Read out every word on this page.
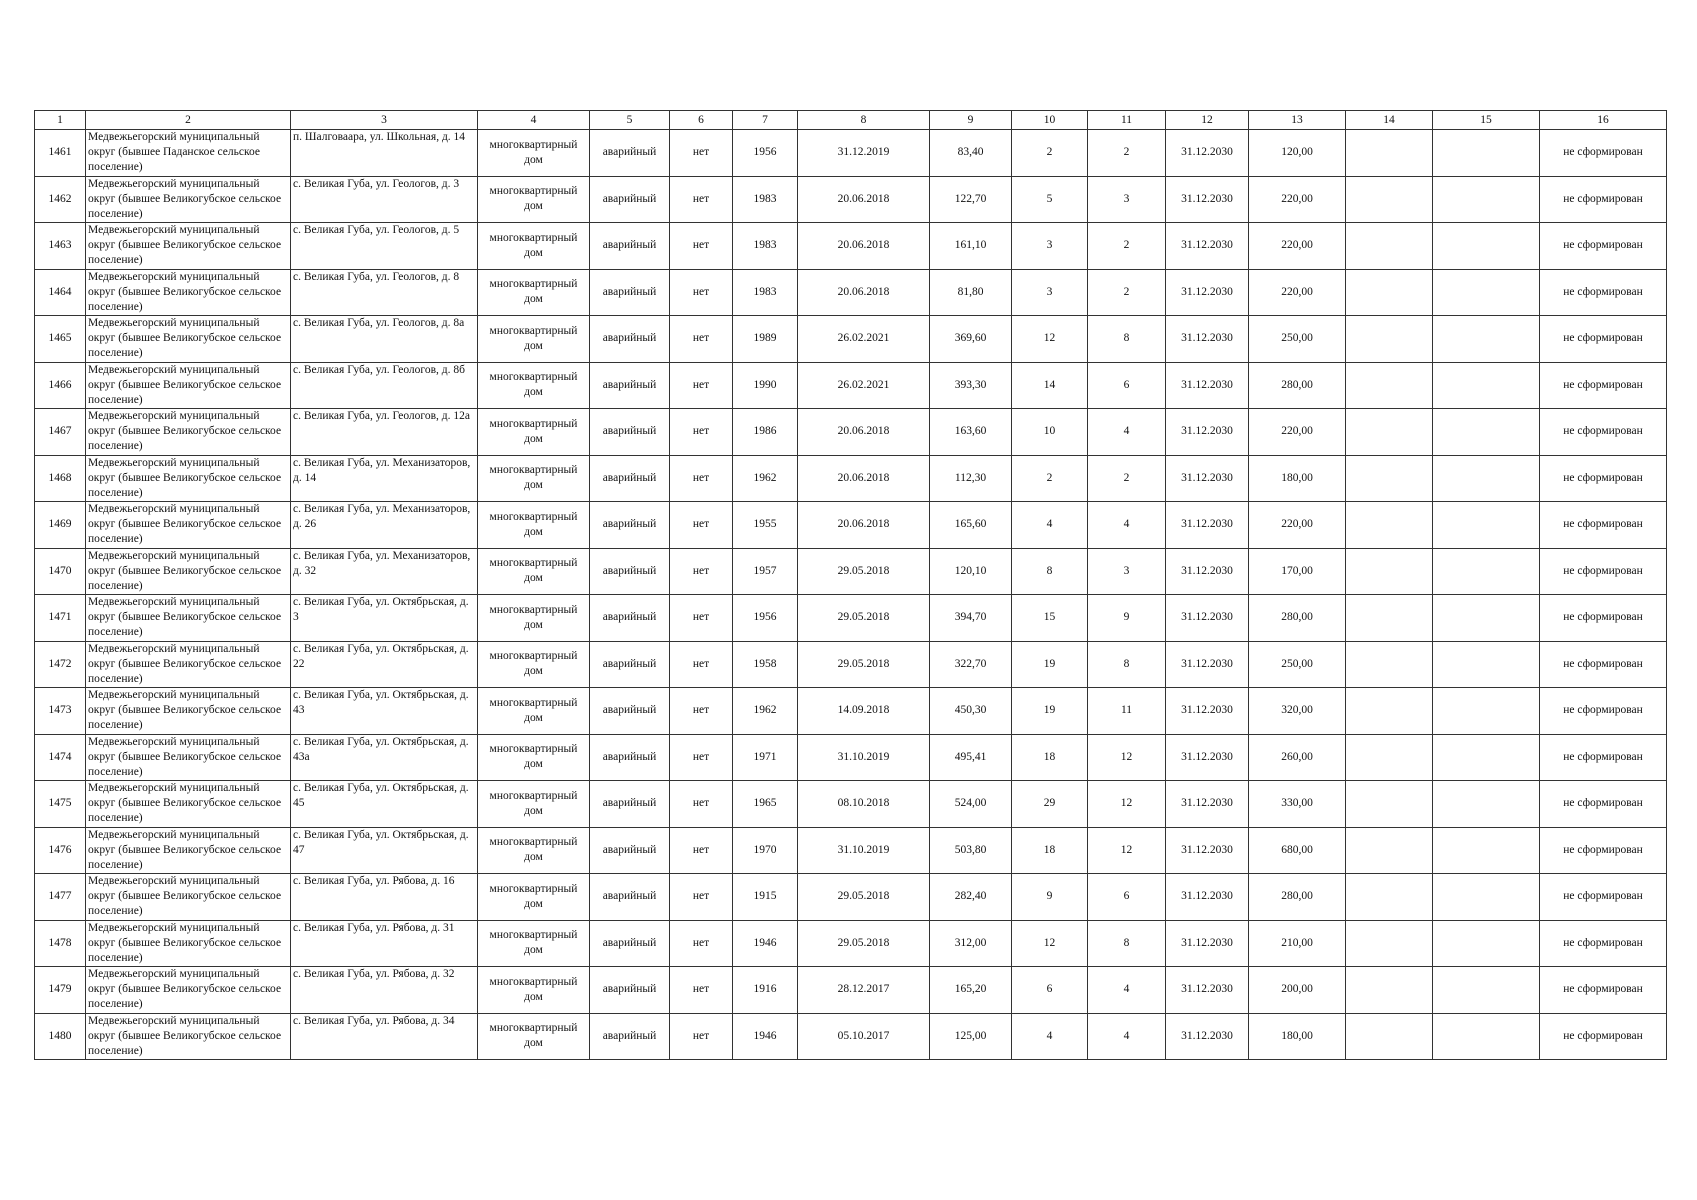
1	2	3	4	5	6	7	8	9	10	11	12	13	14	15	16
1461	Медвежьегорский муниципальный округ (бывшее Паданское сельское поселение)	п. Шалговаара, ул. Школьная, д. 14	многоквартирный дом	аварийный	нет	1956	31.12.2019	83,40	2	2	31.12.2030	120,00			не сформирован
1462	Медвежьегорский муниципальный округ (бывшее Великогубское сельское поселение)	с. Великая Губа, ул. Геологов, д. 3	многоквартирный дом	аварийный	нет	1983	20.06.2018	122,70	5	3	31.12.2030	220,00			не сформирован
1463	Медвежьегорский муниципальный округ (бывшее Великогубское сельское поселение)	с. Великая Губа, ул. Геологов, д. 5	многоквартирный дом	аварийный	нет	1983	20.06.2018	161,10	3	2	31.12.2030	220,00			не сформирован
1464	Медвежьегорский муниципальный округ (бывшее Великогубское сельское поселение)	с. Великая Губа, ул. Геологов, д. 8	многоквартирный дом	аварийный	нет	1983	20.06.2018	81,80	3	2	31.12.2030	220,00			не сформирован
1465	Медвежьегорский муниципальный округ (бывшее Великогубское сельское поселение)	с. Великая Губа, ул. Геологов, д. 8а	многоквартирный дом	аварийный	нет	1989	26.02.2021	369,60	12	8	31.12.2030	250,00			не сформирован
1466	Медвежьегорский муниципальный округ (бывшее Великогубское сельское поселение)	с. Великая Губа, ул. Геологов, д. 8б	многоквартирный дом	аварийный	нет	1990	26.02.2021	393,30	14	6	31.12.2030	280,00			не сформирован
1467	Медвежьегорский муниципальный округ (бывшее Великогубское сельское поселение)	с. Великая Губа, ул. Геологов, д. 12а	многоквартирный дом	аварийный	нет	1986	20.06.2018	163,60	10	4	31.12.2030	220,00			не сформирован
1468	Медвежьегорский муниципальный округ (бывшее Великогубское сельское поселение)	с. Великая Губа, ул. Механизаторов, д. 14	многоквартирный дом	аварийный	нет	1962	20.06.2018	112,30	2	2	31.12.2030	180,00			не сформирован
1469	Медвежьегорский муниципальный округ (бывшее Великогубское сельское поселение)	с. Великая Губа, ул. Механизаторов, д. 26	многоквартирный дом	аварийный	нет	1955	20.06.2018	165,60	4	4	31.12.2030	220,00			не сформирован
1470	Медвежьегорский муниципальный округ (бывшее Великогубское сельское поселение)	с. Великая Губа, ул. Механизаторов, д. 32	многоквартирный дом	аварийный	нет	1957	29.05.2018	120,10	8	3	31.12.2030	170,00			не сформирован
1471	Медвежьегорский муниципальный округ (бывшее Великогубское сельское поселение)	с. Великая Губа, ул. Октябрьская, д. 3	многоквартирный дом	аварийный	нет	1956	29.05.2018	394,70	15	9	31.12.2030	280,00			не сформирован
1472	Медвежьегорский муниципальный округ (бывшее Великогубское сельское поселение)	с. Великая Губа, ул. Октябрьская, д. 22	многоквартирный дом	аварийный	нет	1958	29.05.2018	322,70	19	8	31.12.2030	250,00			не сформирован
1473	Медвежьегорский муниципальный округ (бывшее Великогубское сельское поселение)	с. Великая Губа, ул. Октябрьская, д. 43	многоквартирный дом	аварийный	нет	1962	14.09.2018	450,30	19	11	31.12.2030	320,00			не сформирован
1474	Медвежьегорский муниципальный округ (бывшее Великогубское сельское поселение)	с. Великая Губа, ул. Октябрьская, д. 43а	многоквартирный дом	аварийный	нет	1971	31.10.2019	495,41	18	12	31.12.2030	260,00			не сформирован
1475	Медвежьегорский муниципальный округ (бывшее Великогубское сельское поселение)	с. Великая Губа, ул. Октябрьская, д. 45	многоквартирный дом	аварийный	нет	1965	08.10.2018	524,00	29	12	31.12.2030	330,00			не сформирован
1476	Медвежьегорский муниципальный округ (бывшее Великогубское сельское поселение)	с. Великая Губа, ул. Октябрьская, д. 47	многоквартирный дом	аварийный	нет	1970	31.10.2019	503,80	18	12	31.12.2030	680,00			не сформирован
1477	Медвежьегорский муниципальный округ (бывшее Великогубское сельское поселение)	с. Великая Губа, ул. Рябова, д. 16	многоквартирный дом	аварийный	нет	1915	29.05.2018	282,40	9	6	31.12.2030	280,00			не сформирован
1478	Медвежьегорский муниципальный округ (бывшее Великогубское сельское поселение)	с. Великая Губа, ул. Рябова, д. 31	многоквартирный дом	аварийный	нет	1946	29.05.2018	312,00	12	8	31.12.2030	210,00			не сформирован
1479	Медвежьегорский муниципальный округ (бывшее Великогубское сельское поселение)	с. Великая Губа, ул. Рябова, д. 32	многоквартирный дом	аварийный	нет	1916	28.12.2017	165,20	6	4	31.12.2030	200,00			не сформирован
1480	Медвежьегорский муниципальный округ (бывшее Великогубское сельское поселение)	с. Великая Губа, ул. Рябова, д. 34	многоквартирный дом	аварийный	нет	1946	05.10.2017	125,00	4	4	31.12.2030	180,00			не сформирован
